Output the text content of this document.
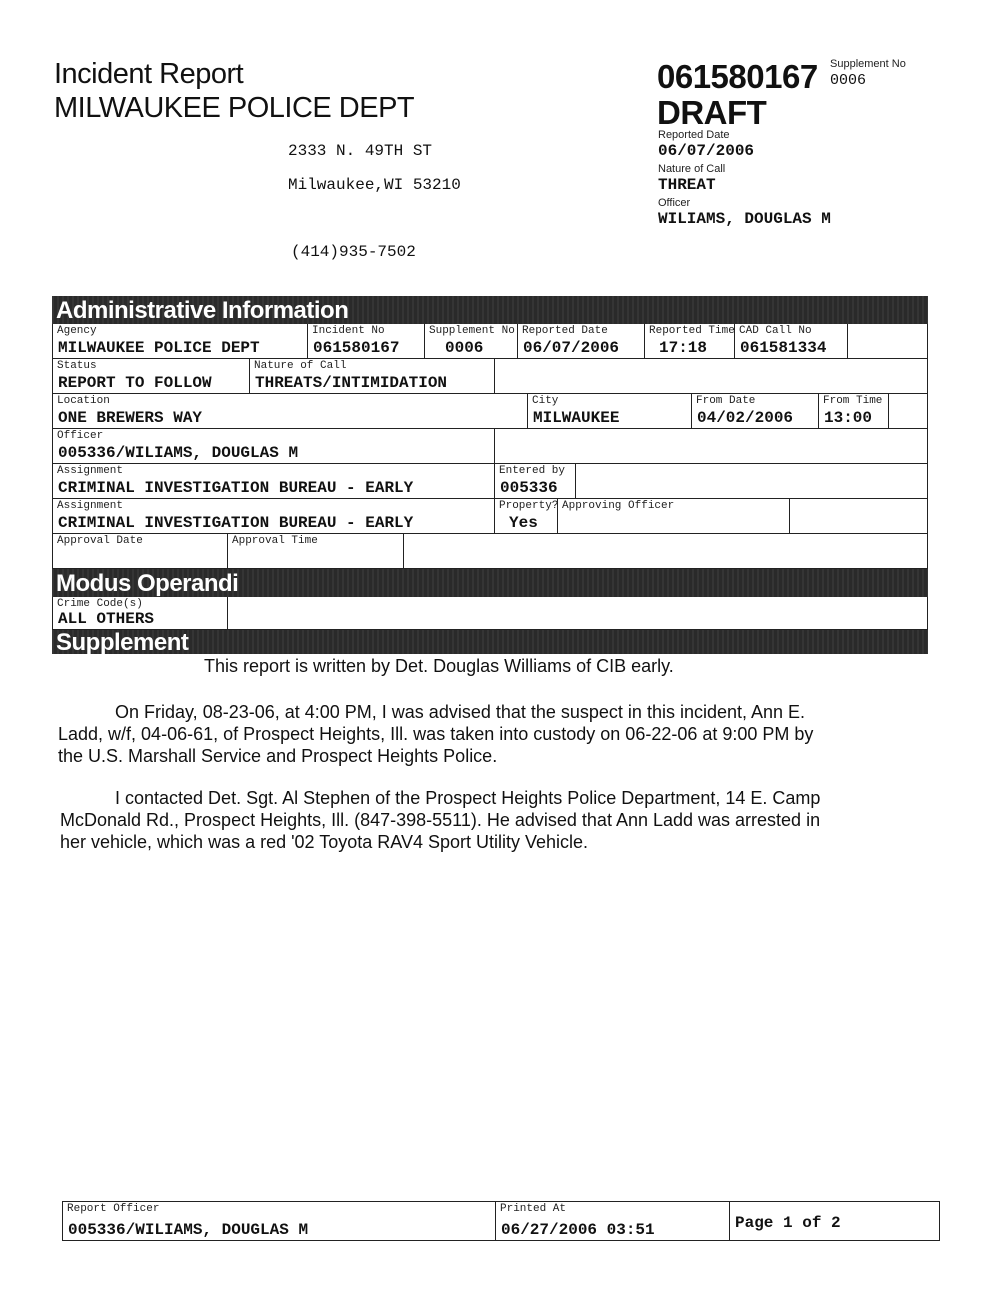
Incident Report
MILWAUKEE POLICE DEPT
2333 N. 49TH ST
Milwaukee,WI 53210
(414)935-7502
061580167
DRAFT
Supplement No
0006
Reported Date
06/07/2006
Nature of Call
THREAT
Officer
WILIAMS, DOUGLAS M
Administrative Information
Agency
MILWAUKEE POLICE DEPT
Incident No
061580167
Supplement No
0006
Reported Date
06/07/2006
Reported Time
17:18
CAD Call No
061581334
Status
REPORT TO FOLLOW
Nature of Call
THREATS/INTIMIDATION
Location
ONE BREWERS WAY
City
MILWAUKEE
From Date
04/02/2006
From Time
13:00
Officer
005336/WILIAMS, DOUGLAS M
Assignment
CRIMINAL INVESTIGATION BUREAU - EARLY
Entered by
005336
Assignment
CRIMINAL INVESTIGATION BUREAU - EARLY
Property?
Yes
Approving Officer
Approval Date	Approval Time
Modus Operandi
Crime Code(s)
ALL OTHERS
Supplement
This report is written by Det. Douglas Williams of CIB early.
On Friday, 08-23-06, at 4:00 PM, I was advised that the suspect in this incident, Ann E.
Ladd, w/f, 04-06-61, of Prospect Heights, Ill. was taken into custody on 06-22-06 at 9:00 PM by
the U.S. Marshall Service and Prospect Heights Police.
I contacted Det. Sgt. Al Stephen of the Prospect Heights Police Department, 14 E. Camp
McDonald Rd., Prospect Heights, Ill. (847-398-5511). He advised that Ann Ladd was arrested in
her vehicle, which was a red '02 Toyota RAV4 Sport Utility Vehicle.
Report Officer
005336/WILIAMS, DOUGLAS M
Printed At
06/27/2006 03:51	Page 1 of 2
